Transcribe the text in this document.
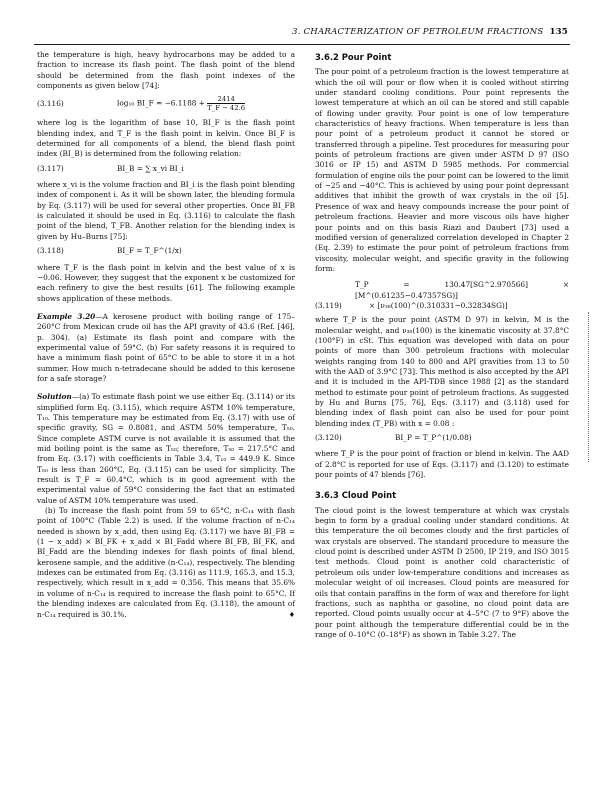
3. CHARACTERIZATION OF PETROLEUM FRACTIONS 135

the temperature is high, heavy hydrocarbons may be added to a fraction to increase its flash point. The flash point of the blend should be determined from the flash point indexes of the components as given below [74]:

(3.116)	log₁₀ BI_F = $-6.1188 + \frac{2414}{T\_F - 42.6}$

where log is the logarithm of base 10, BI_F is the flash point blending index, and T_F is the flash point in kelvin. Once BI_F is determined for all components of a blend, the blend flash point index (BI_B) is determined from the following relation:

(3.117)	BI_B = ∑ x_vi BI_i

where x_vi is the volume fraction and BI_i is the flash point blending index of component i. As it will be shown later, the blending formula by Eq. (3.117) will be used for several other properties. Once BI_FB is calculated it should be used in Eq. (3.116) to calculate the flash point of the blend, T_FB. Another relation for the blending index is given by Hu–Burns [75]:

(3.118)	BI_F = T_F^(1/x)

where T_F is the flash point in kelvin and the best value of x is −0.06. However, they suggest that the exponent x be customized for each refinery to give the best results [61]. The following example shows application of these methods.

Example 3.20—A kerosene product with boiling range of 175–260°C from Mexican crude oil has the API gravity of 43.6 (Ref. [46], p. 304). (a) Estimate its flash point and compare with the experimental value of 59°C. (b) For safety reasons it is required to have a minimum flash point of 65°C to be able to store it in a hot summer. How much n-tetradecane should be added to this kerosene for a safe storage?

Solution—(a) To estimate flash point we use either Eq. (3.114) or its simplified form Eq. (3.115), which require ASTM 10% temperature, T₁₀. This temperature may be estimated from Eq. (3.17) with use of specific gravity, SG = 0.8081, and ASTM 50% temperature, T₅₀. Since complete ASTM curve is not available it is assumed that the mid boiling point is the same as T₅₀; therefore, T₅₀ = 217.5°C and from Eq. (3.17) with coefficients in Table 3.4, T₁₀ = 449.9 K. Since T₅₀ is less than 260°C, Eq. (3.115) can be used for simplicity. The result is T_F = 60.4°C, which is in good agreement with the experimental value of 59°C considering the fact that an estimated value of ASTM 10% temperature was used.

(b) To increase the flash point from 59 to 65°C, n-C₁₄ with flash point of 100°C (Table 2.2) is used. If the volume fraction of n-C₁₄ needed is shown by x_add, then using Eq. (3.117) we have BI_FB = (1 − x_add) × BI_FK + x_add × BI_Fadd where BI_FB, BI_FK, and BI_Fadd are the blending indexes for flash points of final blend, kerosene sample, and the additive (n-C₁₄), respectively. The blending indexes can be estimated from Eq. (3.116) as 111.9, 165.3, and 15.3, respectively, which result in x_add = 0.356. This means that 35.6% in volume of n-C₁₄ is required to increase the flash point to 65°C. If the blending indexes are calculated from Eq. (3.118), the amount of n-C₁₄ required is 30.1%.	♦

3.6.2 Pour Point

The pour point of a petroleum fraction is the lowest temperature at which the oil will pour or flow when it is cooled without stirring under standard cooling conditions. Pour point represents the lowest temperature at which an oil can be stored and still capable of flowing under gravity. Pour point is one of low temperature characteristics of heavy fractions. When temperature is less than pour point of a petroleum product it cannot be stored or transferred through a pipeline. Test procedures for measuring pour points of petroleum fractions are given under ASTM D 97 (ISO 3016 or IP 15) and ASTM D 5985 methods. For commercial formulation of engine oils the pour point can be lowered to the limit of −25 and −40°C. This is achieved by using pour point depressant additives that inhibit the growth of wax crystals in the oil [5]. Presence of wax and heavy compounds increase the pour point of petroleum fractions. Heavier and more viscous oils have higher pour points and on this basis Riazi and Daubert [73] used a modified version of generalized correlation developed in Chapter 2 (Eq. 2.39) to estimate the pour point of petroleum fractions from viscosity, molecular weight, and specific gravity in the following form:

T_P = 130.47[SG^2.970566] × [M^(0.61235−0.47357SG)]
(3.119)	× [ν₃₈(100)^(0.310331−0.32834SG)]

where T_P is the pour point (ASTM D 97) in kelvin, M is the molecular weight, and ν₃₈(100) is the kinematic viscosity at 37.8°C (100°F) in cSt. This equation was developed with data on pour points of more than 300 petroleum fractions with molecular weights ranging from 140 to 800 and API gravities from 13 to 50 with the AAD of 3.9°C [73]. This method is also accepted by the API and it is included in the API-TDB since 1988 [2] as the standard method to estimate pour point of petroleum fractions. As suggested by Hu and Burns [75, 76], Eqs. (3.117) and (3.118) used for blending index of flash point can also be used for pour point blending index (T_PB) with x = 0.08 :

(3.120)	BI_P = T_P^(1/0.08)

where T_P is the pour point of fraction or blend in kelvin. The AAD of 2.8°C is reported for use of Eqs. (3.117) and (3.120) to estimate pour points of 47 blends [76].

3.6.3 Cloud Point

The cloud point is the lowest temperature at which wax crystals begin to form by a gradual cooling under standard conditions. At this temperature the oil becomes cloudy and the first particles of wax crystals are observed. The standard procedure to measure the cloud point is described under ASTM D 2500, IP 219, and ISO 3015 test methods. Cloud point is another cold characteristic of petroleum oils under low-temperature conditions and increases as molecular weight of oil increases. Cloud points are measured for oils that contain paraffins in the form of wax and therefore for light fractions, such as naphtha or gasoline, no cloud point data are reported. Cloud points usually occur at 4–5°C (7 to 9°F) above the pour point although the temperature differential could be in the range of 0–10°C (0–18°F) as shown in Table 3.27. The
